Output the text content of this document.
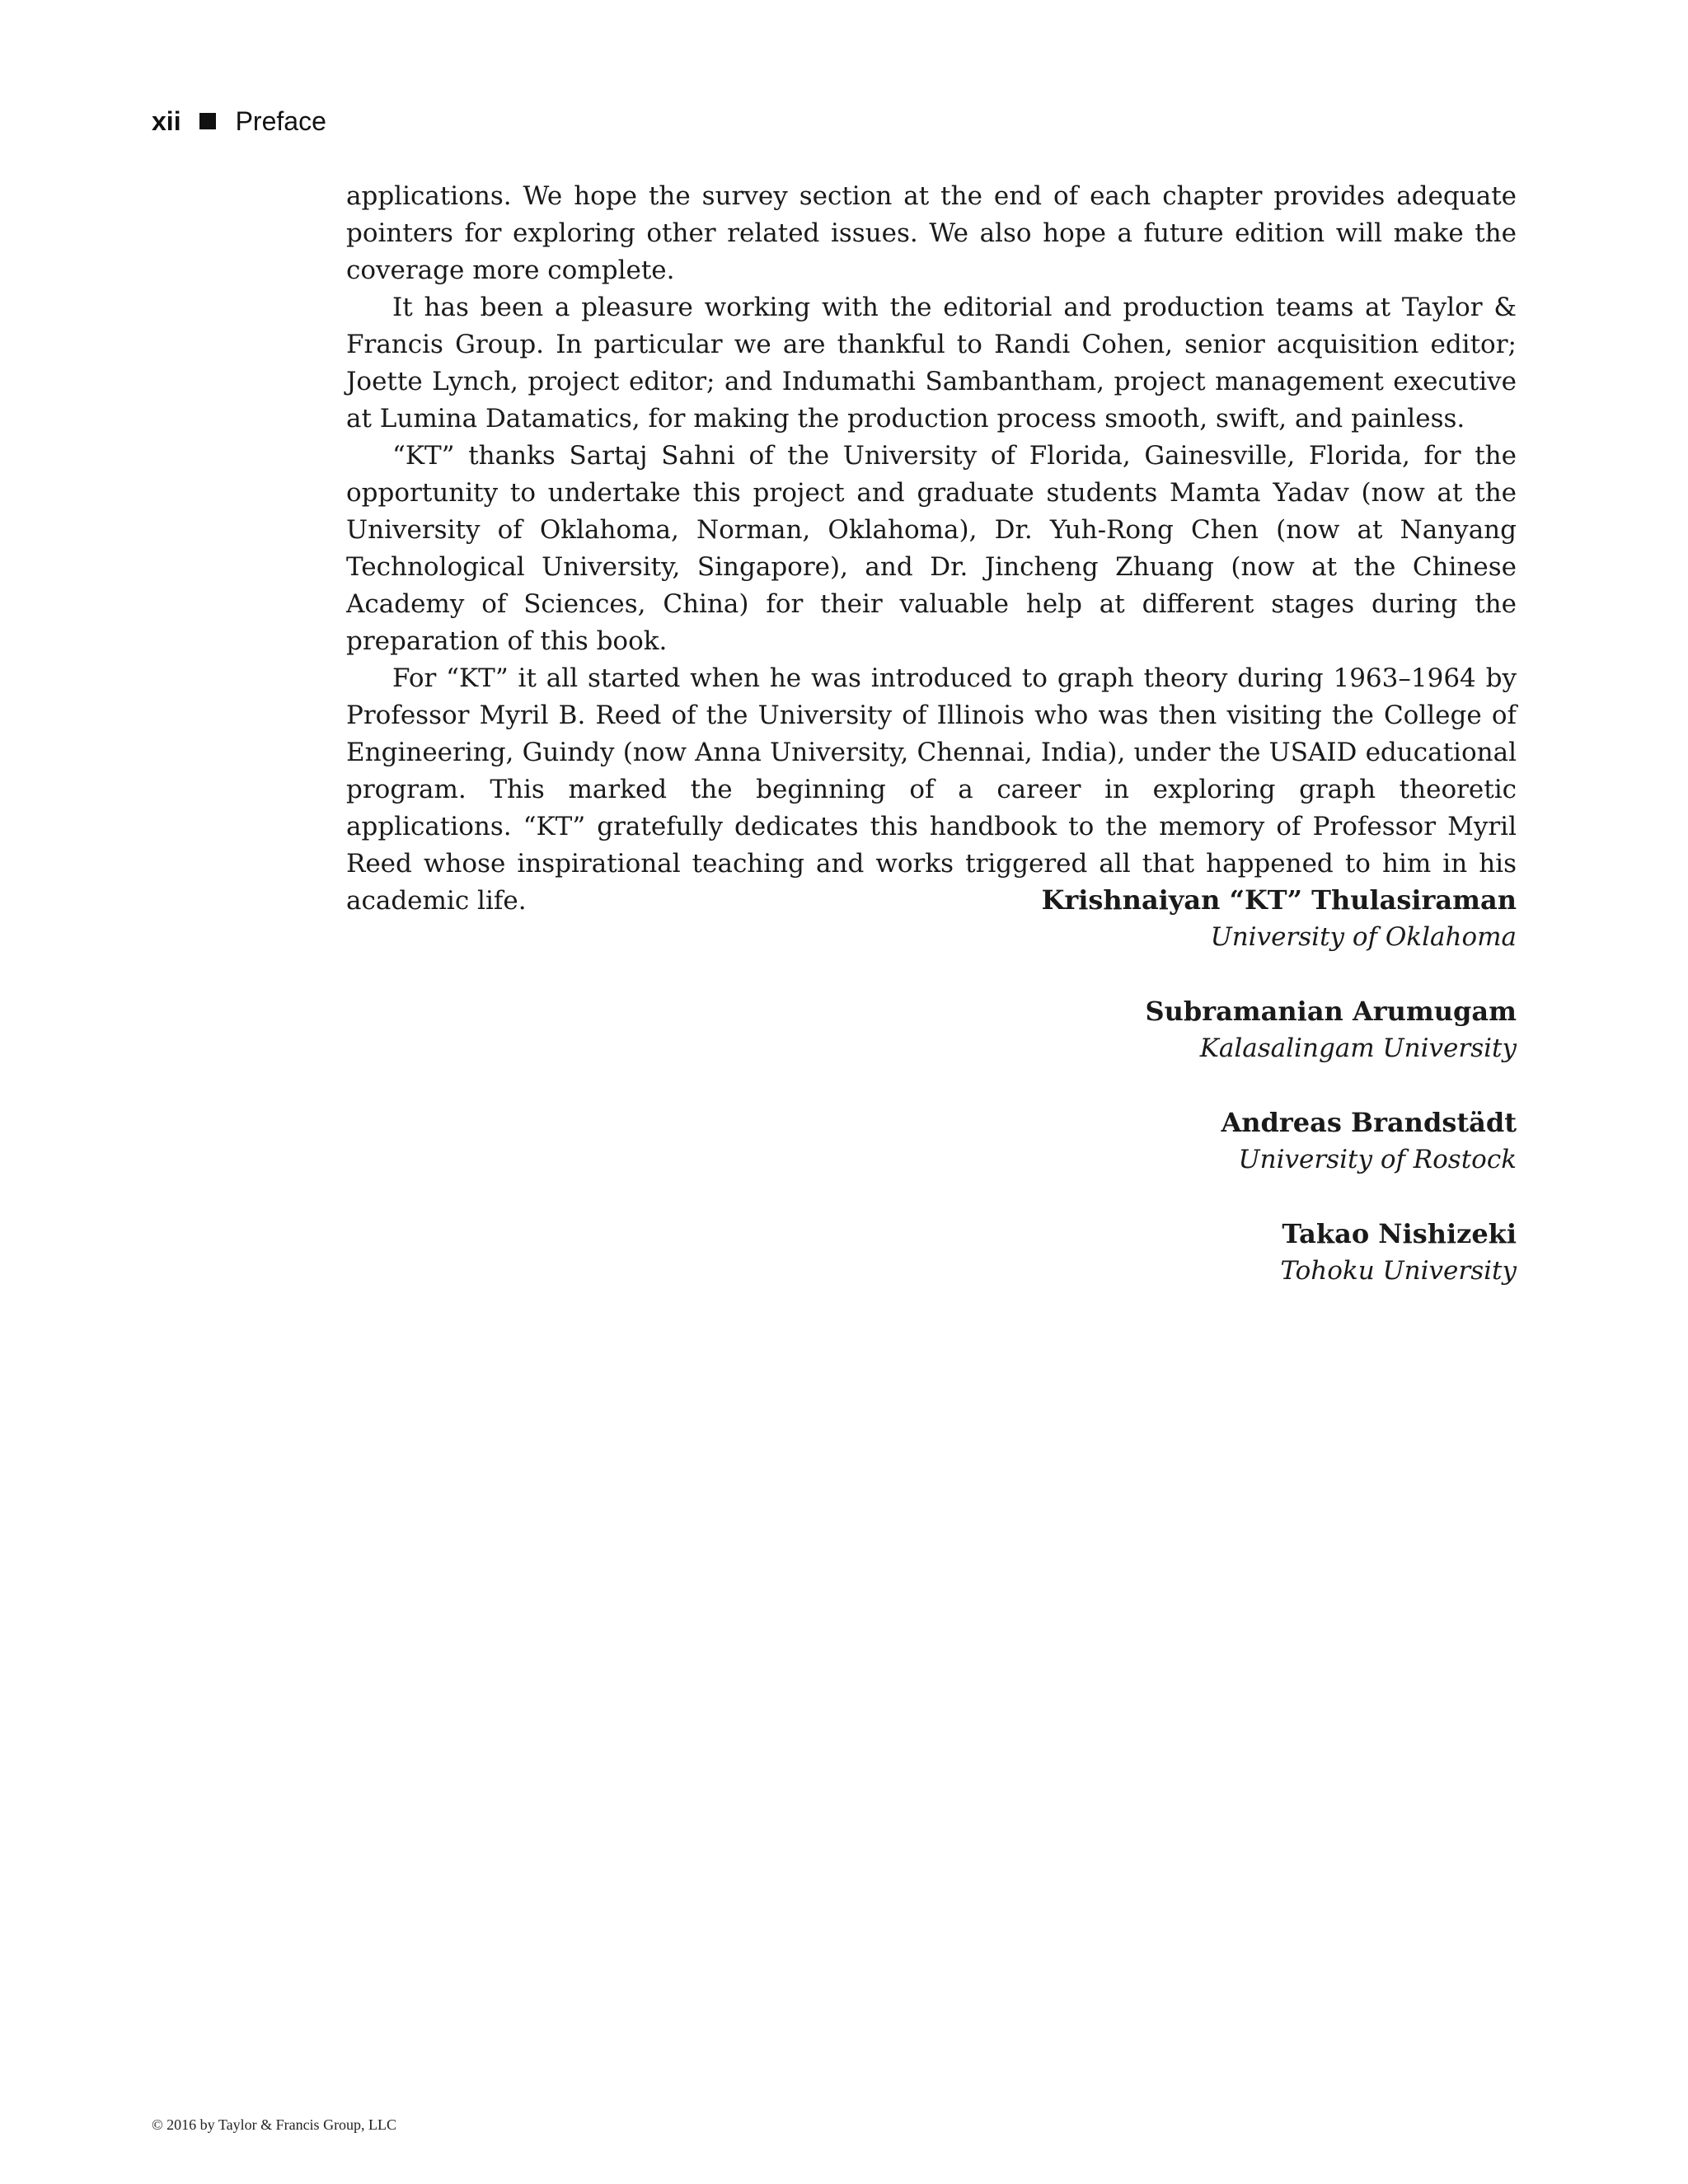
xii Preface

applications. We hope the survey section at the end of each chapter provides adequate pointers for exploring other related issues. We also hope a future edition will make the coverage more complete.

It has been a pleasure working with the editorial and production teams at Taylor & Francis Group. In particular we are thankful to Randi Cohen, senior acquisition editor; Joette Lynch, project editor; and Indumathi Sambantham, project management executive at Lumina Datamatics, for making the production process smooth, swift, and painless.

“KT” thanks Sartaj Sahni of the University of Florida, Gainesville, Florida, for the opportunity to undertake this project and graduate students Mamta Yadav (now at the University of Oklahoma, Norman, Oklahoma), Dr. Yuh-Rong Chen (now at Nanyang Technological University, Singapore), and Dr. Jincheng Zhuang (now at the Chinese Academy of Sciences, China) for their valuable help at different stages during the preparation of this book.

For “KT” it all started when he was introduced to graph theory during 1963–1964 by Professor Myril B. Reed of the University of Illinois who was then visiting the College of Engineering, Guindy (now Anna University, Chennai, India), under the USAID educational program. This marked the beginning of a career in exploring graph theoretic applications. “KT” gratefully dedicates this handbook to the memory of Professor Myril Reed whose inspirational teaching and works triggered all that happened to him in his academic life.	Krishnaiyan “KT” Thulasiraman
University of Oklahoma
Subramanian Arumugam
Kalasalingam University
Andreas Brandstädt
University of Rostock
Takao Nishizeki
Tohoku University
© 2016 by Taylor & Francis Group, LLC
